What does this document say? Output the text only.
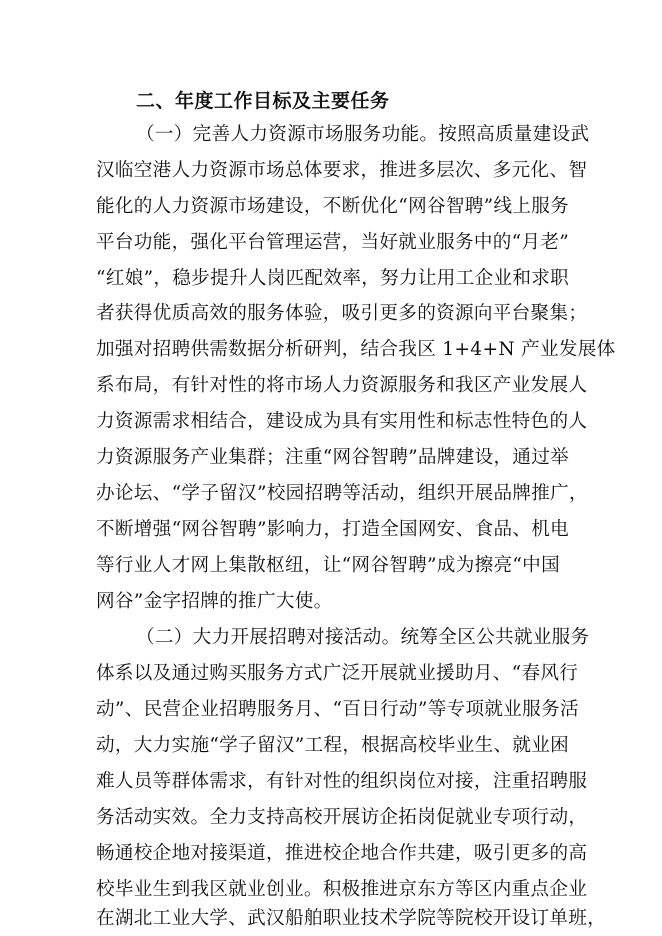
二、年度工作目标及主要任务
（一）完善人力资源市场服务功能。按照高质量建设武
汉临空港人力资源市场总体要求，推进多层次、多元化、智
能化的人力资源市场建设，不断优化“网谷智聘”线上服务
平台功能，强化平台管理运营，当好就业服务中的“月老”
“红娘”，稳步提升人岗匹配效率，努力让用工企业和求职
者获得优质高效的服务体验，吸引更多的资源向平台聚集；
加强对招聘供需数据分析研判，结合我区 1+4+N 产业发展体
系布局，有针对性的将市场人力资源服务和我区产业发展人
力资源需求相结合，建设成为具有实用性和标志性特色的人
力资源服务产业集群；注重“网谷智聘”品牌建设，通过举
办论坛、“学子留汉”校园招聘等活动，组织开展品牌推广，
不断增强“网谷智聘”影响力，打造全国网安、食品、机电
等行业人才网上集散枢纽，让“网谷智聘”成为擦亮“中国
网谷”金字招牌的推广大使。
（二）大力开展招聘对接活动。统筹全区公共就业服务
体系以及通过购买服务方式广泛开展就业援助月、“春风行
动”、民营企业招聘服务月、“百日行动”等专项就业服务活
动，大力实施“学子留汉”工程，根据高校毕业生、就业困
难人员等群体需求，有针对性的组织岗位对接，注重招聘服
务活动实效。全力支持高校开展访企拓岗促就业专项行动，
畅通校企地对接渠道，推进校企地合作共建，吸引更多的高
校毕业生到我区就业创业。积极推进京东方等区内重点企业
在湖北工业大学、武汉船舶职业技术学院等院校开设订单班，
